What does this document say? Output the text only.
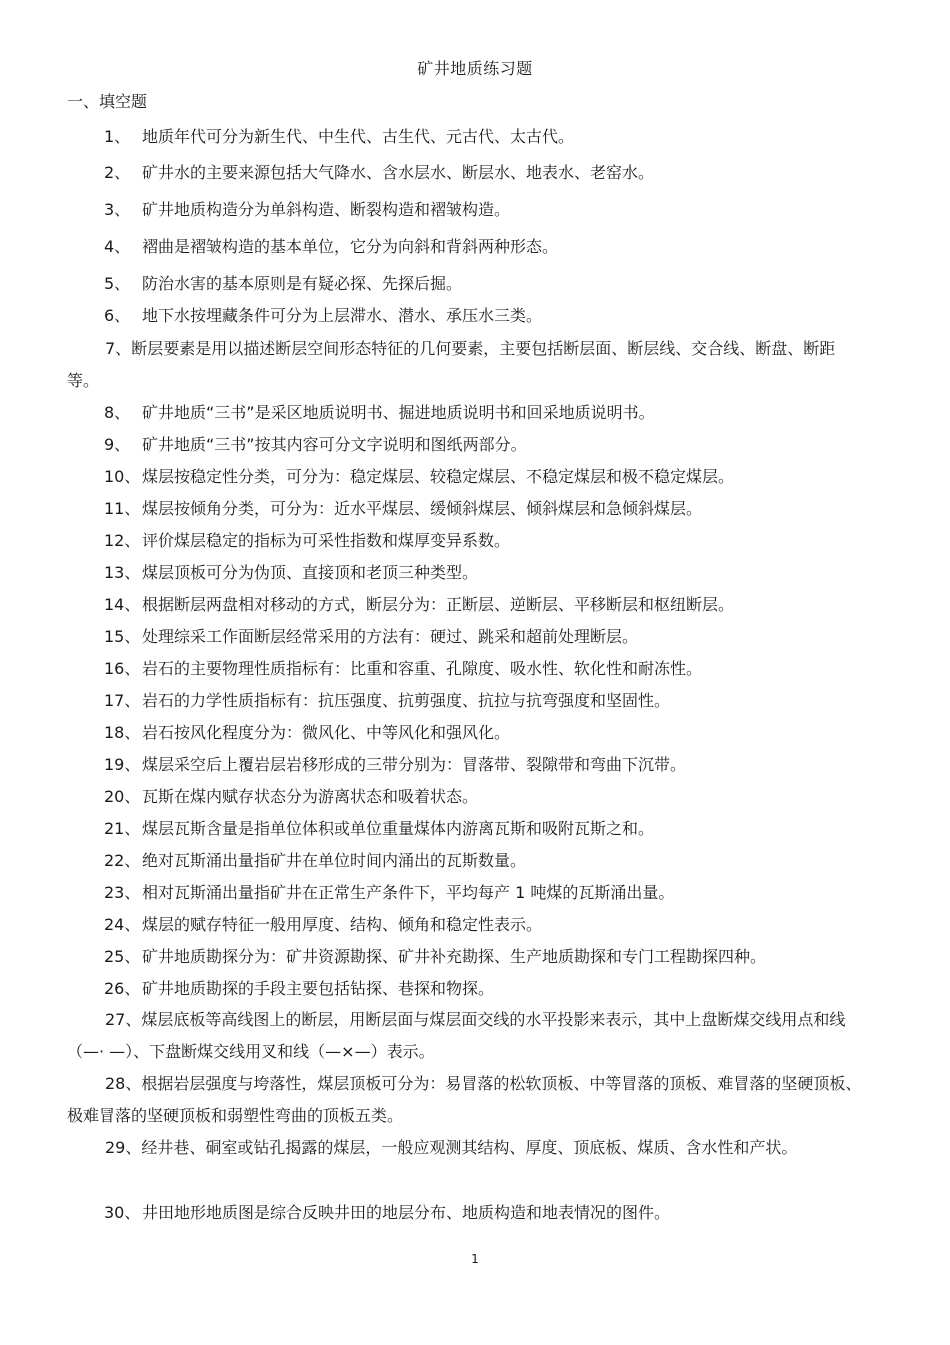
矿井地质练习题
一、填空题
1、 地质年代可分为新生代、中生代、古生代、元古代、太古代。
2、 矿井水的主要来源包括大气降水、含水层水、断层水、地表水、老窑水。
3、 矿井地质构造分为单斜构造、断裂构造和褶皱构造。
4、 褶曲是褶皱构造的基本单位，它分为向斜和背斜两种形态。
5、 防治水害的基本原则是有疑必探、先探后掘。
6、 地下水按埋藏条件可分为上层滞水、潜水、承压水三类。
7、断层要素是用以描述断层空间形态特征的几何要素，主要包括断层面、断层线、交合线、断盘、断距等。
8、 矿井地质“三书”是采区地质说明书、掘进地质说明书和回采地质说明书。
9、 矿井地质“三书”按其内容可分文字说明和图纸两部分。
10、 煤层按稳定性分类，可分为：稳定煤层、较稳定煤层、不稳定煤层和极不稳定煤层。
11、 煤层按倾角分类，可分为：近水平煤层、缓倾斜煤层、倾斜煤层和急倾斜煤层。
12、 评价煤层稳定的指标为可采性指数和煤厚变异系数。
13、 煤层顶板可分为伪顶、直接顶和老顶三种类型。
14、 根据断层两盘相对移动的方式，断层分为：正断层、逆断层、平移断层和枢纽断层。
15、 处理综采工作面断层经常采用的方法有：硬过、跳采和超前处理断层。
16、 岩石的主要物理性质指标有：比重和容重、孔隙度、吸水性、软化性和耐冻性。
17、 岩石的力学性质指标有：抗压强度、抗剪强度、抗拉与抗弯强度和坚固性。
18、 岩石按风化程度分为：微风化、中等风化和强风化。
19、 煤层采空后上覆岩层岩移形成的三带分别为：冒落带、裂隙带和弯曲下沉带。
20、 瓦斯在煤内赋存状态分为游离状态和吸着状态。
21、 煤层瓦斯含量是指单位体积或单位重量煤体内游离瓦斯和吸附瓦斯之和。
22、 绝对瓦斯涌出量指矿井在单位时间内涌出的瓦斯数量。
23、 相对瓦斯涌出量指矿井在正常生产条件下，平均每产 1 吨煤的瓦斯涌出量。
24、 煤层的赋存特征一般用厚度、结构、倾角和稳定性表示。
25、 矿井地质勘探分为：矿井资源勘探、矿井补充勘探、生产地质勘探和专门工程勘探四种。
26、 矿井地质勘探的手段主要包括钻探、巷探和物探。
27、煤层底板等高线图上的断层，用断层面与煤层面交线的水平投影来表示，其中上盘断煤交线用点和线（—· —）、下盘断煤交线用叉和线（—×—）表示。
28、根据岩层强度与垮落性，煤层顶板可分为：易冒落的松软顶板、中等冒落的顶板、难冒落的坚硬顶板、极难冒落的坚硬顶板和弱塑性弯曲的顶板五类。
29、经井巷、硐室或钻孔揭露的煤层，一般应观测其结构、厚度、顶底板、煤质、含水性和产状。
30、 井田地形地质图是综合反映井田的地层分布、地质构造和地表情况的图件。
1
